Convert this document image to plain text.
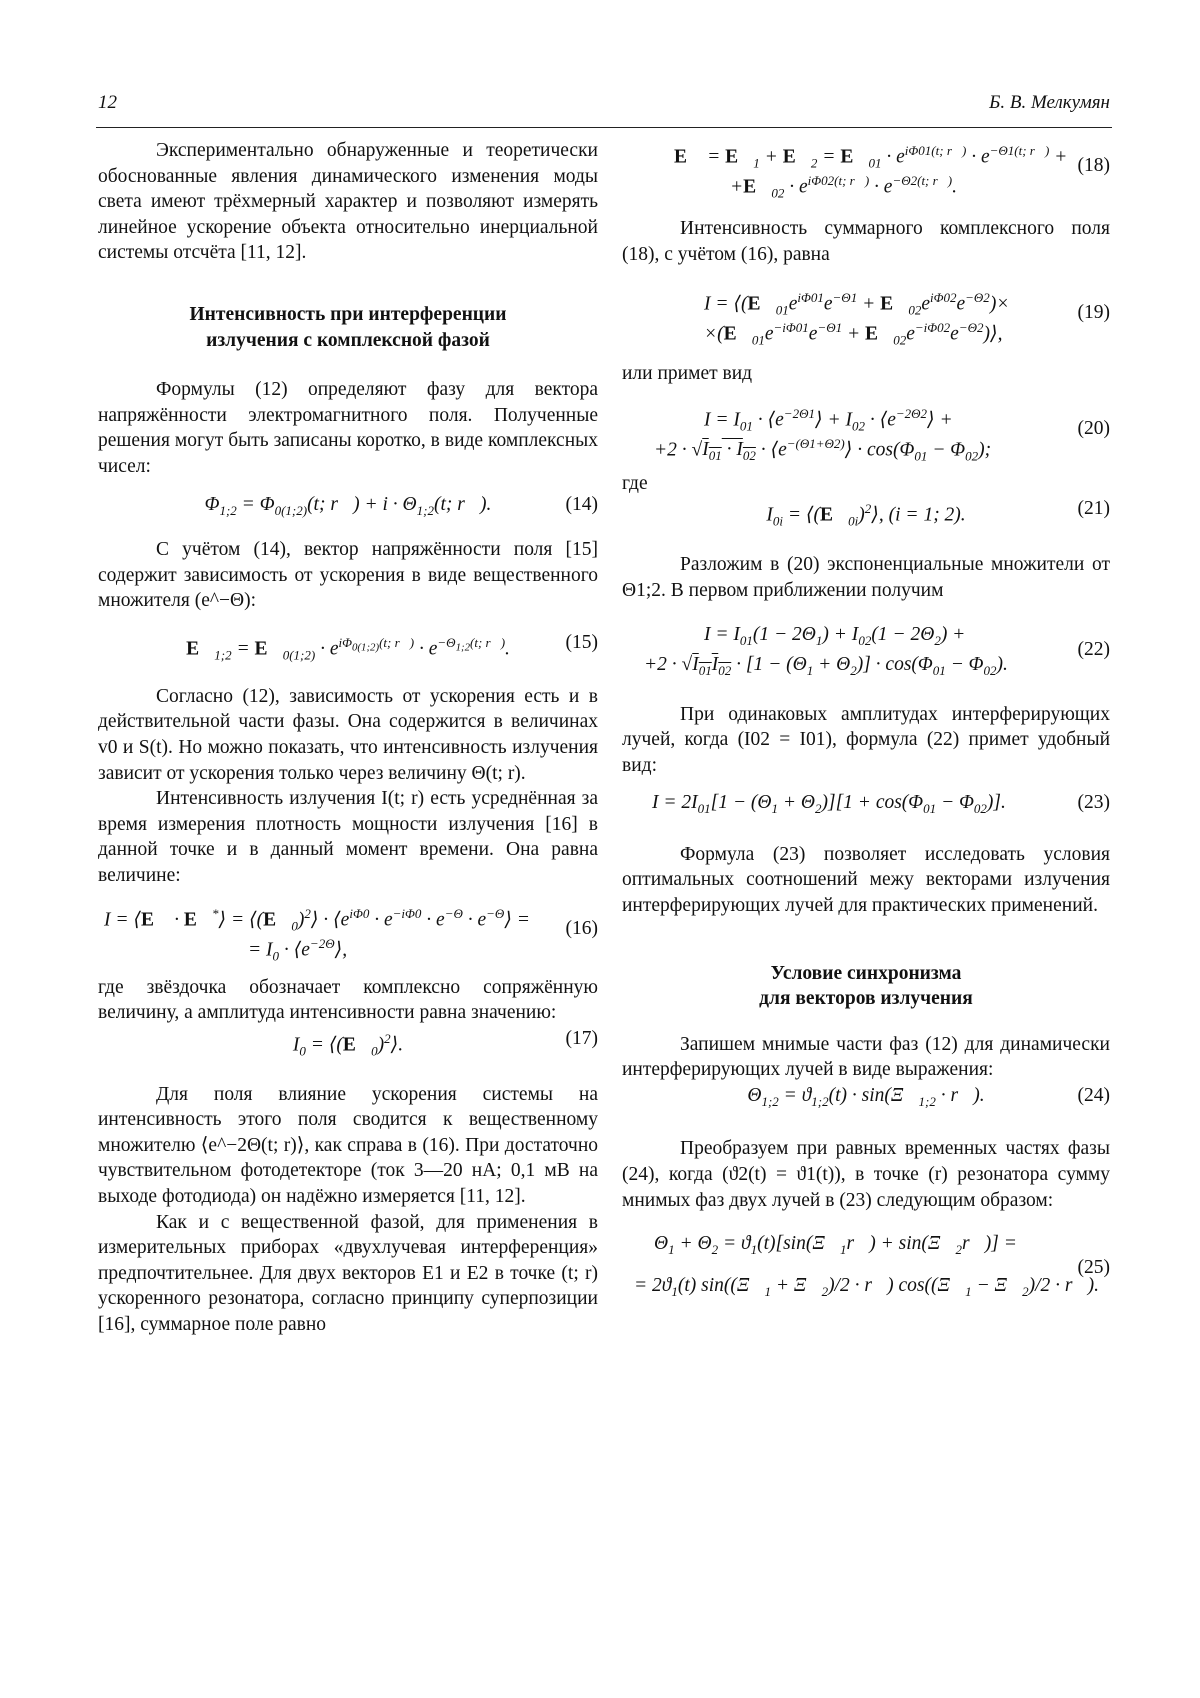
12	Б. В. Мелкумян

Экспериментально обнаруженные и теоретически обоснованные явления динамического изменения моды света имеют трёхмерный характер и позволяют измерять линейное ускорение объекта относительно инерциальной системы отсчёта [11, 12].

Интенсивность при интерференции
излучения с комплексной фазой

Формулы (12) определяют фазу для вектора напряжённости электромагнитного поля. Полученные решения могут быть записаны коротко, в виде комплексных чисел:

$\Phi_{1;2} = \Phi_{0(1;2)}(t$; r⃗) + $i \cdot \Theta_{1;2}(t$; r⃗).	(14)

С учётом (14), вектор напряжённости поля [15] содержит зависимость от ускорения в виде вещественного множителя (e^−Θ):

$E⃗_{1;2}$ = $E⃗_{0(1;2)} \cdot e^{i\Phi_{0(1;2)}(t; r⃗)} \cdot e^{-\Theta_{1;2}(t; r⃗)}$.	(15)

Согласно (12), зависимость от ускорения есть и в действительной части фазы. Она содержится в величинах v0 и S(t). Но можно показать, что интенсивность излучения зависит от ускорения только через величину Θ(t; r).

Интенсивность излучения I(t; r) есть усреднённая за время измерения плотность мощности излучения [16] в данной точке и в данный момент времени. Она равна величине:

I = ⟨E⃗ · E⃗*⟩ = $⟨(E⃗_0)^2⟩$ · $⟨e^{i\Phi 0} \cdot e^{-i\Phi 0} \cdot e^{-\Theta}$ · $e^{-\Theta}⟩$ =
= $I_0$ · $⟨e^{-2\Theta}⟩$,
(16)

где звёздочка обозначает комплексно сопряжённую величину, а амплитуда интенсивности равна значению:

$I_0$ = $⟨(E⃗_0)^2⟩$.	(17)

Для поля влияние ускорения системы на интенсивность этого поля сводится к вещественному множителю ⟨e^−2Θ(t; r)⟩, как справа в (16). При достаточно чувствительном фотодетекторе (ток 3—20 нА; 0,1 мВ на выходе фотодиода) он надёжно измеряется [11, 12].

Как и с вещественной фазой, для применения в измерительных приборах «двухлучевая интерференция» предпочтительнее. Для двух векторов E1 и E2 в точке (t; r) ускоренного резонатора, согласно принципу суперпозиции [16], суммарное поле равно

E⃗ = $E⃗_1$ + $E⃗_2$ = $E⃗_{01} \cdot e^{i\Phi 01(t; r⃗)} \cdot e^{-\Theta 1(t; r⃗)}$ +
$+E⃗_{02} \cdot e^{i\Phi 02(t; r⃗)} \cdot e^{-\Theta 2(t; r⃗)}$.
(18)

Интенсивность суммарного комплексного поля (18), с учётом (16), равна

$I = ⟨(E⃗_{01}e^{i\Phi 01}e^{-\Theta 1}$ + $E⃗_{02}e^{i\Phi 02}e^{-\Theta 2})\times$
$\times(E⃗_{01}e^{-i\Phi 01}e^{-\Theta 1}$ + $E⃗_{02}e^{-i\Phi 02}e^{-\Theta 2})⟩$,
(19)

или примет вид

$I = I_{01}$ · $⟨e^{-2\Theta 1}⟩ + I_{02}$ · $⟨e^{-2\Theta 2}⟩$ +
$+2 \cdot √I_{01} \cdot I_{02}$ · $⟨e^{-(\Theta 1+\Theta 2)}⟩ \cdot \cos(\Phi_{01} - \Phi_{02})$;
(20)

где

$I_{0i}$ = $⟨(E⃗_{0i})^2⟩$, (i = 1; 2).	(21)

Разложим в (20) экспоненциальные множители от Θ1;2. В первом приближении получим

$I = I_{01}(1 - 2\Theta_1) + I_{02}(1 - 2\Theta_2)$ +
$+2 \cdot √I_{01}I_{02} \cdot [1 - (\Theta_1 + \Theta_2)] \cdot \cos(\Phi_{01} - \Phi_{02})$.
(22)

При одинаковых амплитудах интерферирующих лучей, когда (I02 = I01), формула (22) примет удобный вид:

$I = 2I_{01}[1 - (\Theta_1 + \Theta_2)][1 + \cos(\Phi_{01} - \Phi_{02})]$.	(23)

Формула (23) позволяет исследовать условия оптимальных соотношений межу векторами излучения интерферирующих лучей для практических применений.

Условие синхронизма
для векторов излучения

Запишем мнимые части фаз (12) для динамически интерферирующих лучей в виде выражения:

$\Theta_{1;2} = ϑ_{1;2}(t)$ · $\sin(\Xi⃗_{1;2}$ · r⃗).	(24)

Преобразуем при равных временных частях фазы (24), когда (ϑ2(t) = ϑ1(t)), в точке (r) резонатора сумму мнимых фаз двух лучей в (23) следующим образом:

$\Theta_1 + \Theta_2$ = $ϑ_1(t)[\sin(\Xi⃗_1r⃗)$ + $\sin(\Xi⃗_2r⃗)$] =
= $2ϑ_1(t)$ $\sin((\Xi⃗_1$ + $\Xi⃗_2)/2$ · r⃗) $\cos((\Xi⃗_1$ − $\Xi⃗_2)/2$ · r⃗).
(25)
